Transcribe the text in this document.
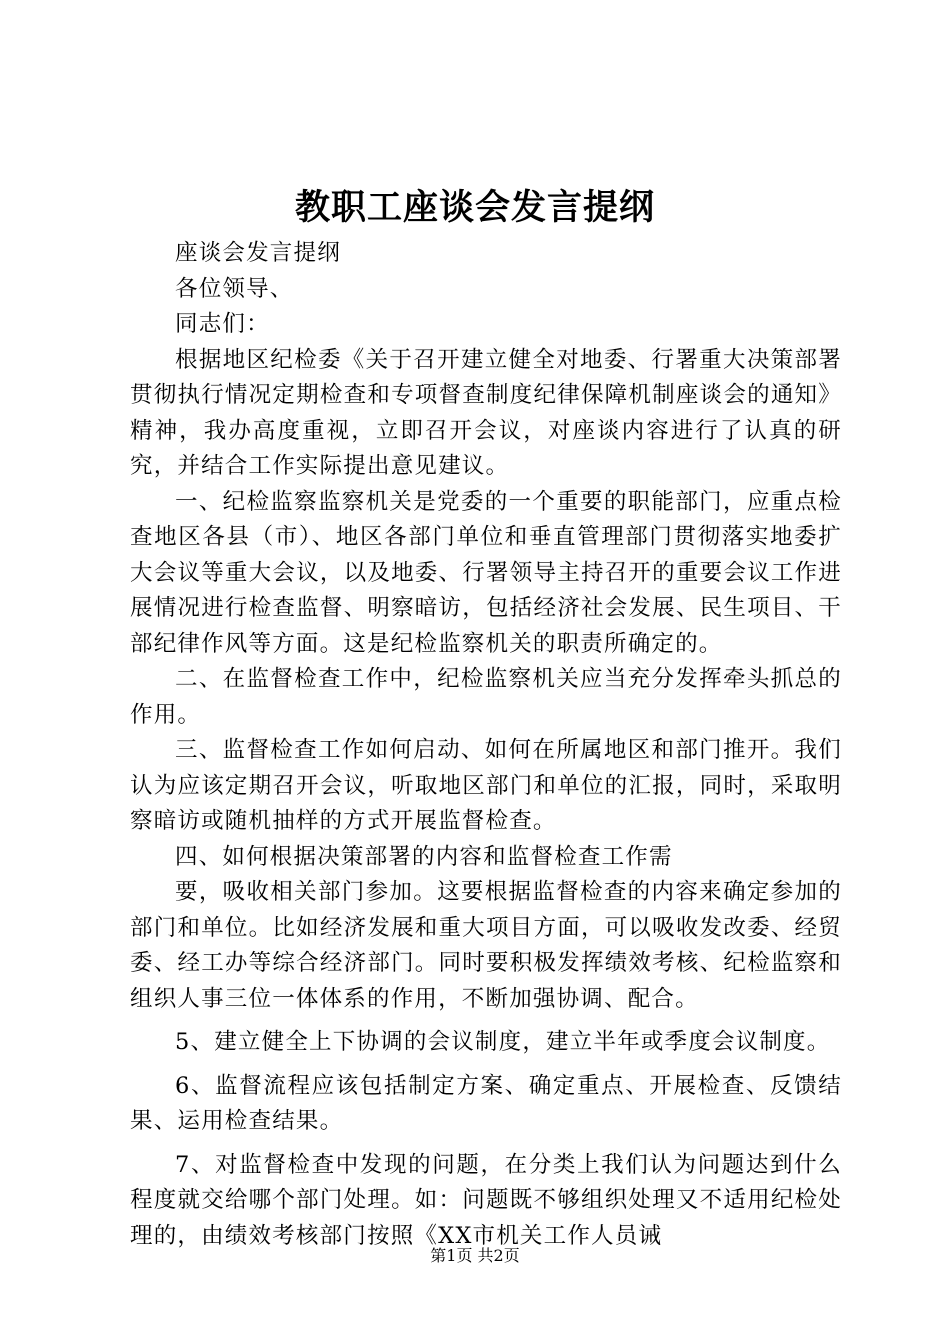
教职工座谈会发言提纲

座谈会发言提纲

各位领导、

同志们：

根据地区纪检委《关于召开建立健全对地委、行署重大决策部署贯彻执行情况定期检查和专项督查制度纪律保障机制座谈会的通知》精神，我办高度重视，立即召开会议，对座谈内容进行了认真的研究，并结合工作实际提出意见建议。

一、纪检监察监察机关是党委的一个重要的职能部门，应重点检查地区各县（市）、地区各部门单位和垂直管理部门贯彻落实地委扩大会议等重大会议，以及地委、行署领导主持召开的重要会议工作进展情况进行检查监督、明察暗访，包括经济社会发展、民生项目、干部纪律作风等方面。这是纪检监察机关的职责所确定的。

二、在监督检查工作中，纪检监察机关应当充分发挥牵头抓总的作用。

三、监督检查工作如何启动、如何在所属地区和部门推开。我们认为应该定期召开会议，听取地区部门和单位的汇报，同时，采取明察暗访或随机抽样的方式开展监督检查。

四、如何根据决策部署的内容和监督检查工作需

要，吸收相关部门参加。这要根据监督检查的内容来确定参加的部门和单位。比如经济发展和重大项目方面，可以吸收发改委、经贸委、经工办等综合经济部门。同时要积极发挥绩效考核、纪检监察和组织人事三位一体体系的作用，不断加强协调、配合。

5、建立健全上下协调的会议制度，建立半年或季度会议制度。

6、监督流程应该包括制定方案、确定重点、开展检查、反馈结果、运用检查结果。

7、对监督检查中发现的问题，在分类上我们认为问题达到什么程度就交给哪个部门处理。如：问题既不够组织处理又不适用纪检处理的，由绩效考核部门按照《XX市机关工作人员诫

第1页 共2页
